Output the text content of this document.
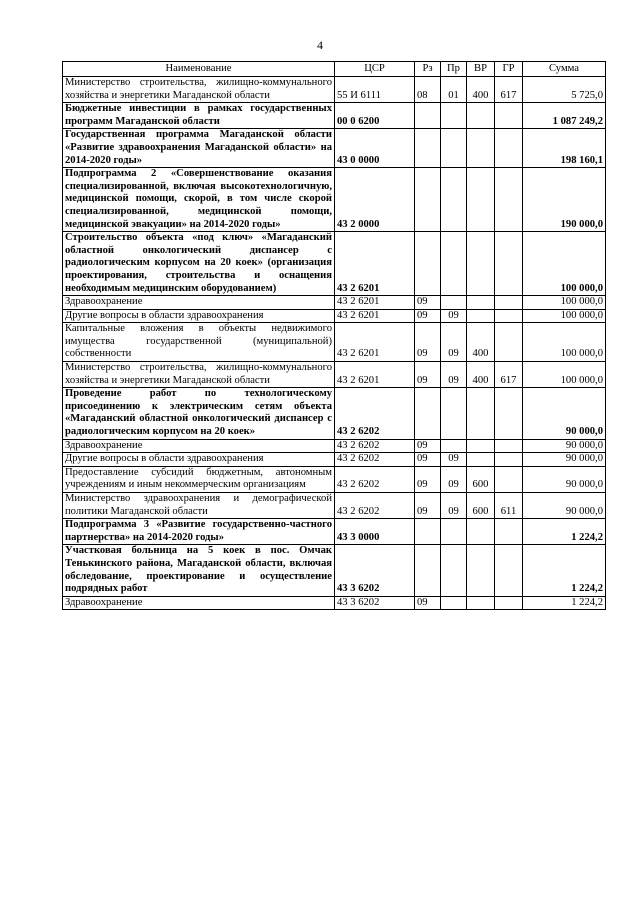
4
Наименование	ЦСР	Рз	Пр	ВР	ГР	Сумма
Министерство строительства, жилищно-коммунального хозяйства и энергетики Магаданской области	55 И 6111	08	01	400	617	5 725,0
Бюджетные инвестиции в рамках государственных программ Магаданской области	00 0 6200					1 087 249,2
Государственная программа Магаданской области «Развитие здравоохранения Магаданской области» на 2014-2020 годы»	43 0 0000					198 160,1
Подпрограмма 2 «Совершенствование оказания специализированной, включая высокотехнологичную, медицинской помощи, скорой, в том числе скорой специализированной, медицинской помощи, медицинской эвакуации» на 2014-2020 годы»	43 2 0000					190 000,0
Строительство объекта «под ключ» «Магаданский областной онкологический диспансер с радиологическим корпусом на 20 коек» (организация проектирования, строительства и оснащения необходимым медицинским оборудованием)	43 2 6201					100 000,0
Здравоохранение	43 2 6201	09				100 000,0
Другие вопросы в области здравоохранения	43 2 6201	09	09			100 000,0
Капитальные вложения в объекты недвижимого имущества государственной (муниципальной) собственности	43 2 6201	09	09	400		100 000,0
Министерство строительства, жилищно-коммунального хозяйства и энергетики Магаданской области	43 2 6201	09	09	400	617	100 000,0
Проведение работ по технологическому присоединению к электрическим сетям объекта «Магаданский областной онкологический диспансер с радиологическим корпусом на 20 коек»	43 2 6202					90 000,0
Здравоохранение	43 2 6202	09				90 000,0
Другие вопросы в области здравоохранения	43 2 6202	09	09			90 000,0
Предоставление субсидий бюджетным, автономным учреждениям и иным некоммерческим организациям	43 2 6202	09	09	600		90 000,0
Министерство здравоохранения и демографической политики Магаданской области	43 2 6202	09	09	600	611	90 000,0
Подпрограмма 3 «Развитие государственно-частного партнерства» на 2014-2020 годы»	43 3 0000					1 224,2
Участковая больница на 5 коек в пос. Омчак Тенькинского района, Магаданской области, включая обследование, проектирование и осуществление подрядных работ	43 3 6202					1 224,2
Здравоохранение	43 3 6202	09				1 224,2
